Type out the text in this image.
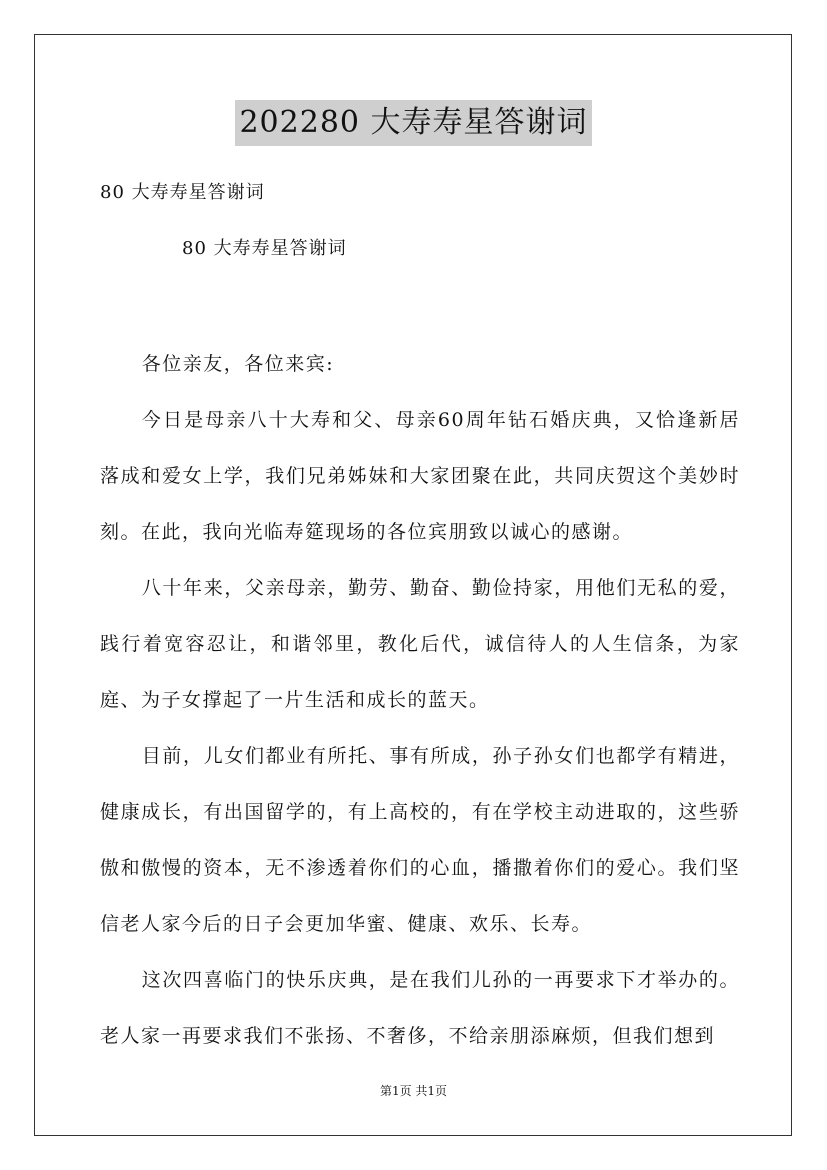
202280 大寿寿星答谢词
80 大寿寿星答谢词
80 大寿寿星答谢词

各位亲友，各位来宾:

今日是母亲八十大寿和父、母亲60周年钻石婚庆典，又恰逢新居落成和爱女上学，我们兄弟姊妹和大家团聚在此，共同庆贺这个美妙时刻。在此，我向光临寿筵现场的各位宾朋致以诚心的感谢。

八十年来，父亲母亲，勤劳、勤奋、勤俭持家，用他们无私的爱，践行着宽容忍让，和谐邻里，教化后代，诚信待人的人生信条，为家庭、为子女撑起了一片生活和成长的蓝天。

目前，儿女们都业有所托、事有所成，孙子孙女们也都学有精进，健康成长，有出国留学的，有上高校的，有在学校主动进取的，这些骄傲和傲慢的资本，无不渗透着你们的心血，播撒着你们的爱心。我们坚信老人家今后的日子会更加华蜜、健康、欢乐、长寿。

这次四喜临门的快乐庆典，是在我们儿孙的一再要求下才举办的。老人家一再要求我们不张扬、不奢侈，不给亲朋添麻烦，但我们想到

第1页 共1页
